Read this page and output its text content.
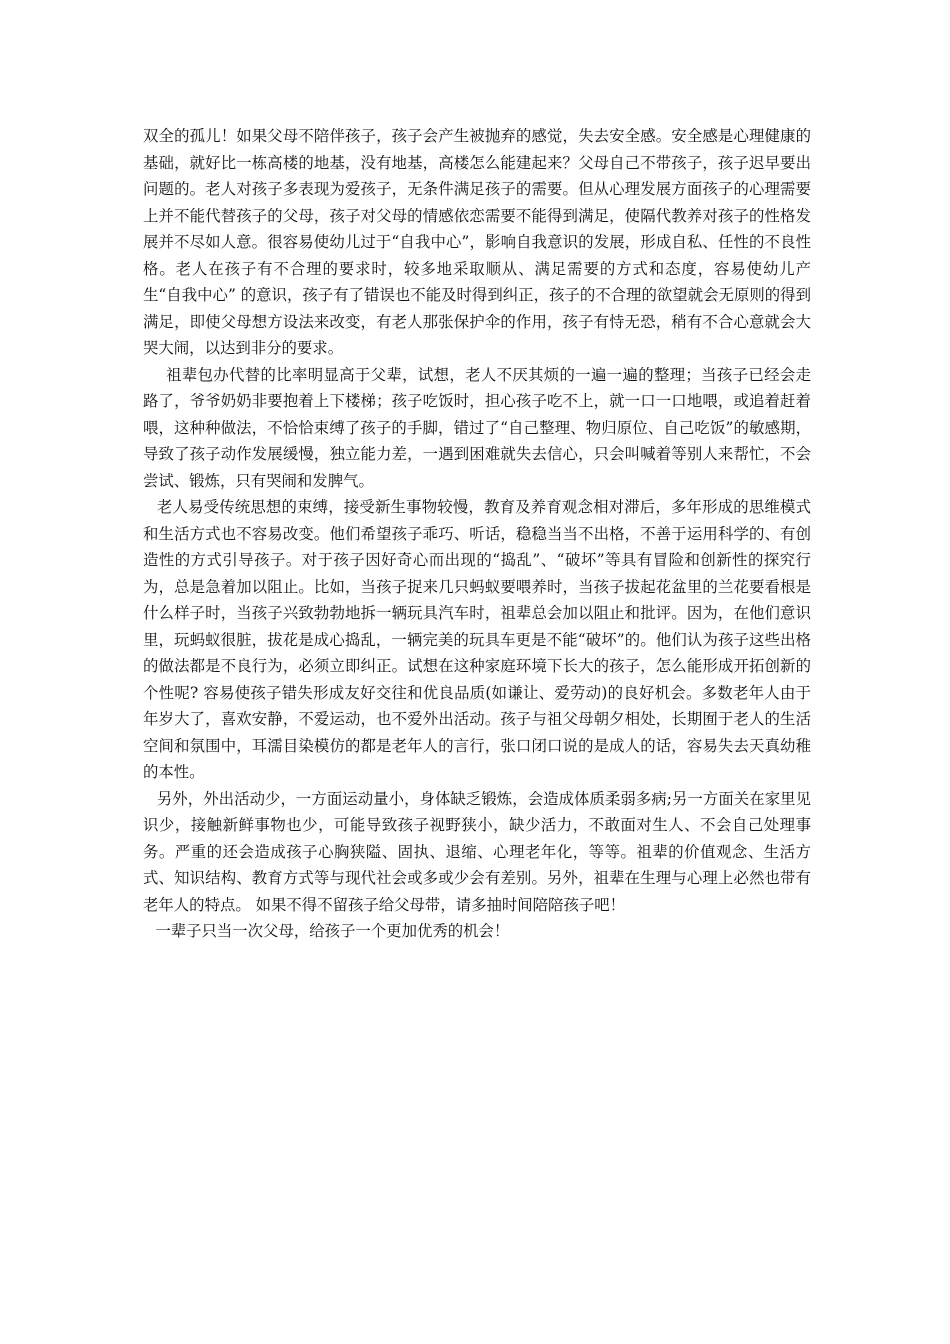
双全的孤儿！如果父母不陪伴孩子，孩子会产生被抛弃的感觉，失去安全感。安全感是心理健康的基础，就好比一栋高楼的地基，没有地基，高楼怎么能建起来？父母自己不带孩子，孩子迟早要出问题的。老人对孩子多表现为爱孩子，无条件满足孩子的需要。但从心理发展方面孩子的心理需要上并不能代替孩子的父母，孩子对父母的情感依恋需要不能得到满足，使隔代教养对孩子的性格发展并不尽如人意。很容易使幼儿过于“自我中心”，影响自我意识的发展，形成自私、任性的不良性格。老人在孩子有不合理的要求时，较多地采取顺从、满足需要的方式和态度，容易使幼儿产生“自我中心” 的意识，孩子有了错误也不能及时得到纠正，孩子的不合理的欲望就会无原则的得到满足，即使父母想方设法来改变，有老人那张保护伞的作用，孩子有恃无恐，稍有不合心意就会大哭大闹，以达到非分的要求。

祖辈包办代替的比率明显高于父辈，试想，老人不厌其烦的一遍一遍的整理；当孩子已经会走路了，爷爷奶奶非要抱着上下楼梯；孩子吃饭时，担心孩子吃不上，就一口一口地喂，或追着赶着喂，这种种做法，不恰恰束缚了孩子的手脚，错过了“自己整理、物归原位、自己吃饭”的敏感期，导致了孩子动作发展缓慢，独立能力差，一遇到困难就失去信心，只会叫喊着等别人来帮忙，不会尝试、锻炼，只有哭闹和发脾气。

老人易受传统思想的束缚，接受新生事物较慢，教育及养育观念相对滞后，多年形成的思维模式和生活方式也不容易改变。他们希望孩子乖巧、听话，稳稳当当不出格，不善于运用科学的、有创造性的方式引导孩子。对于孩子因好奇心而出现的“捣乱”、“破坏”等具有冒险和创新性的探究行为，总是急着加以阻止。比如，当孩子捉来几只蚂蚁要喂养时，当孩子拔起花盆里的兰花要看根是什么样子时，当孩子兴致勃勃地拆一辆玩具汽车时，祖辈总会加以阻止和批评。因为，在他们意识里，玩蚂蚁很脏，拔花是成心捣乱，一辆完美的玩具车更是不能“破坏”的。他们认为孩子这些出格的做法都是不良行为，必须立即纠正。试想在这种家庭环境下长大的孩子，怎么能形成开拓创新的个性呢? 容易使孩子错失形成友好交往和优良品质(如谦让、爱劳动)的良好机会。多数老年人由于年岁大了，喜欢安静，不爱运动，也不爱外出活动。孩子与祖父母朝夕相处，长期囿于老人的生活空间和氛围中，耳濡目染模仿的都是老年人的言行，张口闭口说的是成人的话，容易失去天真幼稚的本性。

另外，外出活动少，一方面运动量小，身体缺乏锻炼，会造成体质柔弱多病;另一方面关在家里见识少，接触新鲜事物也少，可能导致孩子视野狭小，缺少活力，不敢面对生人、不会自己处理事务。严重的还会造成孩子心胸狭隘、固执、退缩、心理老年化，等等。祖辈的价值观念、生活方式、知识结构、教育方式等与现代社会或多或少会有差别。另外，祖辈在生理与心理上必然也带有老年人的特点。 如果不得不留孩子给父母带，请多抽时间陪陪孩子吧！

一辈子只当一次父母，给孩子一个更加优秀的机会！
